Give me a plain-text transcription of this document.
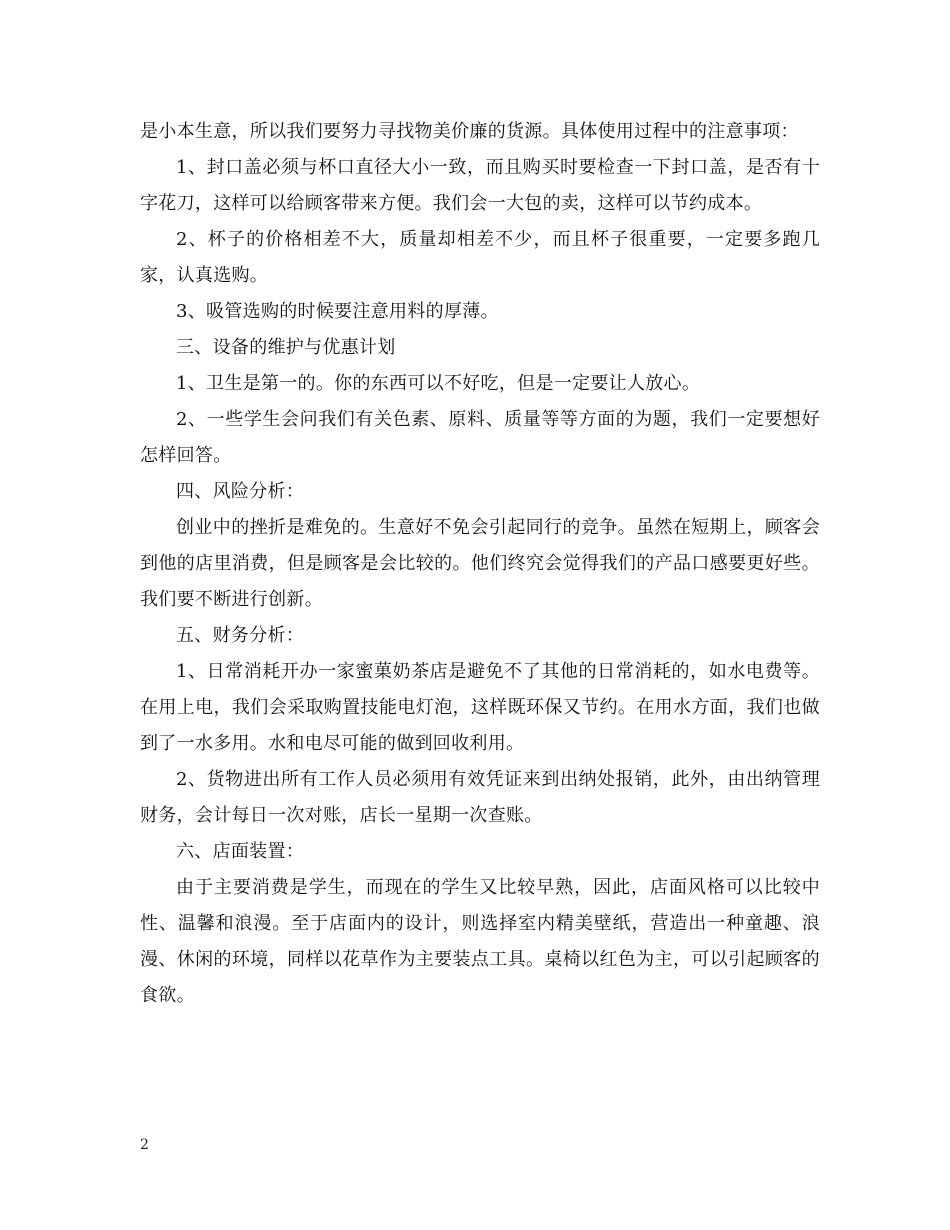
是小本生意，所以我们要努力寻找物美价廉的货源。具体使用过程中的注意事项：

1、封口盖必须与杯口直径大小一致，而且购买时要检查一下封口盖，是否有十字花刀，这样可以给顾客带来方便。我们会一大包的卖，这样可以节约成本。

2、杯子的价格相差不大，质量却相差不少，而且杯子很重要，一定要多跑几家，认真选购。

3、吸管选购的时候要注意用料的厚薄。

三、设备的维护与优惠计划

1、卫生是第一的。你的东西可以不好吃，但是一定要让人放心。

2、一些学生会问我们有关色素、原料、质量等等方面的为题，我们一定要想好怎样回答。

四、风险分析：

创业中的挫折是难免的。生意好不免会引起同行的竞争。虽然在短期上，顾客会到他的店里消费，但是顾客是会比较的。他们终究会觉得我们的产品口感要更好些。我们要不断进行创新。

五、财务分析：

1、日常消耗开办一家蜜菓奶茶店是避免不了其他的日常消耗的，如水电费等。在用上电，我们会采取购置技能电灯泡，这样既环保又节约。在用水方面，我们也做到了一水多用。水和电尽可能的做到回收利用。

2、货物进出所有工作人员必须用有效凭证来到出纳处报销，此外，由出纳管理财务，会计每日一次对账，店长一星期一次查账。

六、店面装置：

由于主要消费是学生，而现在的学生又比较早熟，因此，店面风格可以比较中性、温馨和浪漫。至于店面内的设计，则选择室内精美壁纸，营造出一种童趣、浪漫、休闲的环境，同样以花草作为主要装点工具。桌椅以红色为主，可以引起顾客的食欲。

2
